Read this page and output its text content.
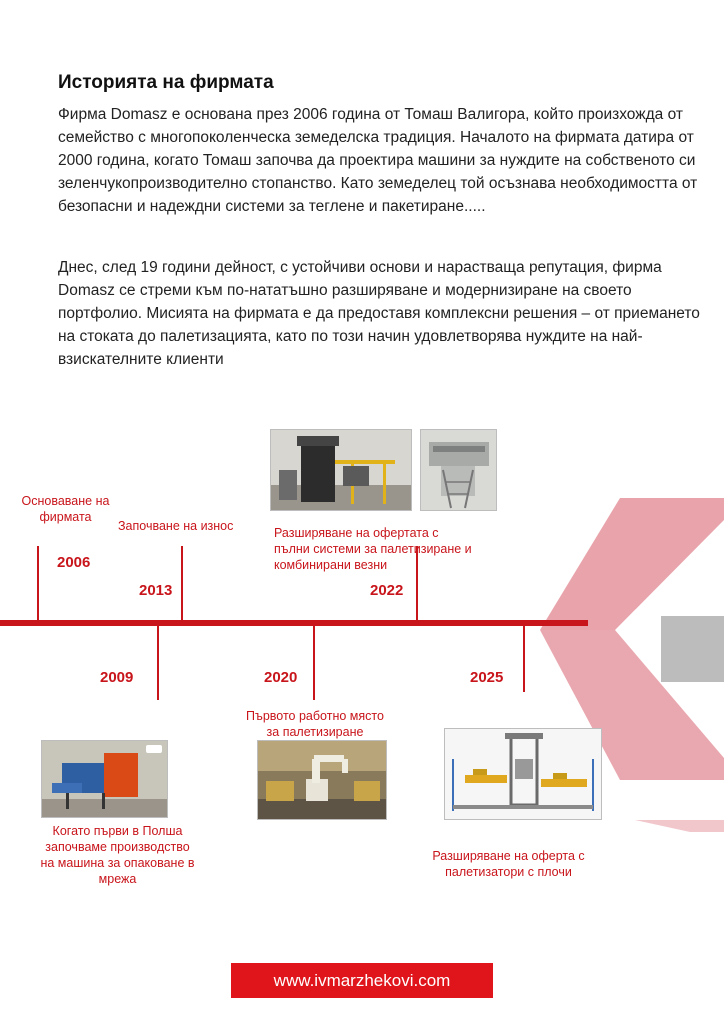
Историята на фирмата

Фирма Domasz е основана през 2006 година от Томаш Валигора, който произхожда от семейство с многопоколенческа земеделска традиция. Началото на фирмата датира от 2000 година, когато Томаш започва да проектира машини за нуждите на собственото си зеленчукопроизводително стопанство. Като земеделец той осъзнава необходимостта от безопасни и надеждни системи за теглене и пакетиране.....

Днес, след 19 години дейност, с устойчиви основи и нарастваща репутация, фирма Domasz се стреми към по-нататъшно разширяване и модернизиране на своето портфолио. Мисията на фирмата е да предоставя комплексни решения – от приемането на стоката до палетизацията, като по този начин удовлетворява нуждите на най-взискателните клиенти

Основаване на фирмата
2006
Започване на износ
2013
Разширяване на офертата с пълни системи за палетизиране и комбинирани везни
2022
2009	2020	2025
Първото работно място за палетизиране
Когато първи в Полша започваме производство на машина за опаковане в мрежа
Разширяване на оферта с палетизатори с плочи
www.ivmarzhekovi.com
